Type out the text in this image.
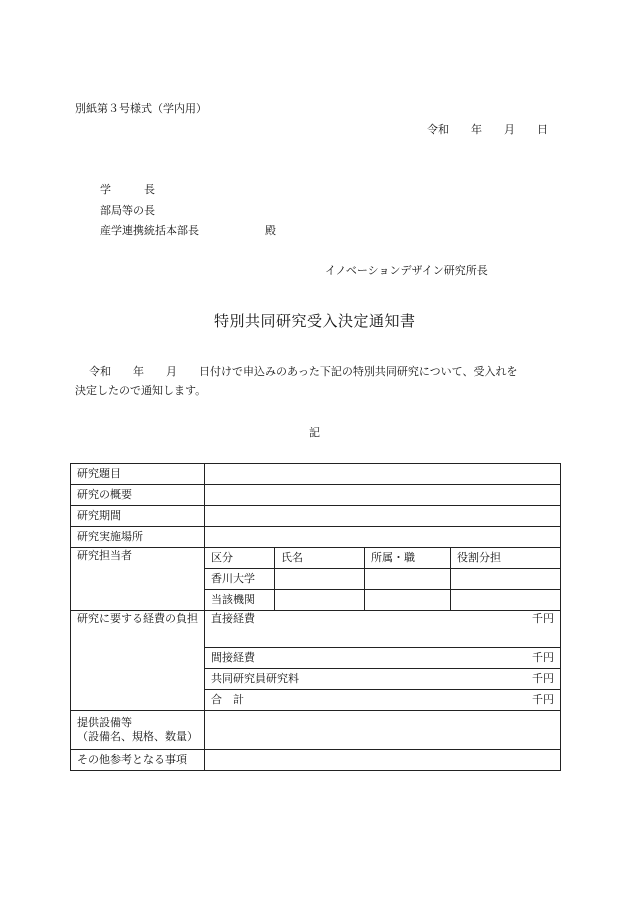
別紙第３号様式（学内用）
令和　　年　　月　　日
学　　　長
部局等の長
産学連携統括本部長	殿
イノベーションデザイン研究所長
特別共同研究受入決定通知書
令和　　年　　月　　日付けで申込みのあった下記の特別共同研究について、受入れを
決定したので通知します。
記
研究題目				
研究の概要				
研究期間				
研究実施場所				
研究担当者	区分	氏名	所属・職	役割分担
	香川大学			
	当該機関			
研究に要する経費の負担	直接経費 千円			

	間接経費 千円			

	共同研究員研究料 千円			

	合　計 千円			

提供設備等
（設備名、規格、数量）				

その他参考となる事項				
